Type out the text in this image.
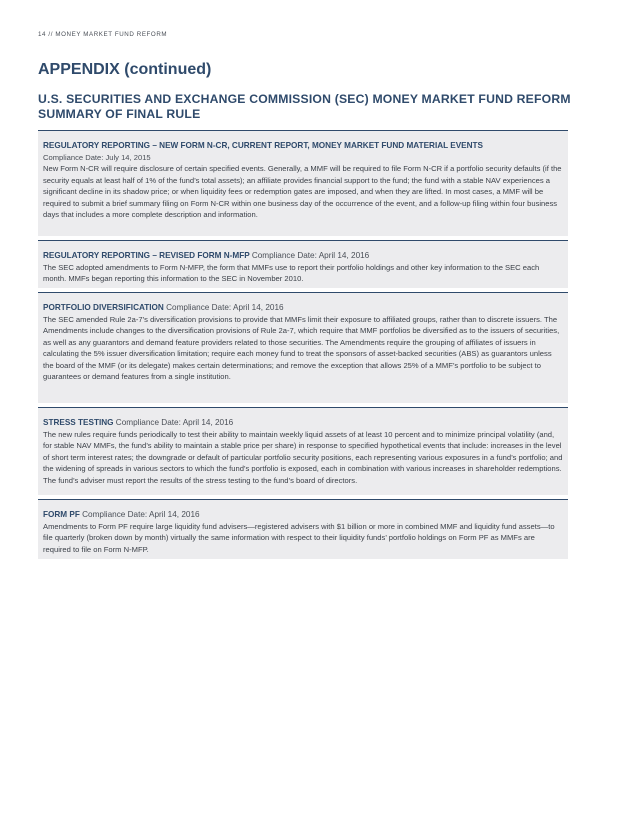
14 // MONEY MARKET FUND REFORM
APPENDIX (continued)
U.S. SECURITIES AND EXCHANGE COMMISSION (SEC) MONEY MARKET FUND REFORM SUMMARY OF FINAL RULE
REGULATORY REPORTING – NEW FORM N-CR, CURRENT REPORT, MONEY MARKET FUND MATERIAL EVENTS
Compliance Date: July 14, 2015
New Form N-CR will require disclosure of certain specified events. Generally, a MMF will be required to file Form N-CR if a portfolio security defaults (if the security equals at least half of 1% of the fund’s total assets); an affiliate provides financial support to the fund; the fund with a stable NAV experiences a significant decline in its shadow price; or when liquidity fees or redemption gates are imposed, and when they are lifted. In most cases, a MMF will be required to submit a brief summary filing on Form N-CR within one business day of the occurrence of the event, and a follow-up filing within four business days that includes a more complete description and information.
REGULATORY REPORTING – REVISED FORM N-MFP Compliance Date: April 14, 2016
The SEC adopted amendments to Form N-MFP, the form that MMFs use to report their portfolio holdings and other key information to the SEC each month. MMFs began reporting this information to the SEC in November 2010.
PORTFOLIO DIVERSIFICATION Compliance Date: April 14, 2016
The SEC amended Rule 2a-7’s diversification provisions to provide that MMFs limit their exposure to affiliated groups, rather than to discrete issuers. The Amendments include changes to the diversification provisions of Rule 2a-7, which require that MMF portfolios be diversified as to the issuers of securities, as well as any guarantors and demand feature providers related to those securities. The Amendments require the grouping of affiliates of issuers in calculating the 5% issuer diversification limitation; require each money fund to treat the sponsors of asset-backed securities (ABS) as guarantors unless the board of the MMF (or its delegate) makes certain determinations; and remove the exception that allows 25% of a MMF’s portfolio to be subject to guarantees or demand features from a single institution.
STRESS TESTING Compliance Date: April 14, 2016
The new rules require funds periodically to test their ability to maintain weekly liquid assets of at least 10 percent and to minimize principal volatility (and, for stable NAV MMFs, the fund’s ability to maintain a stable price per share) in response to specified hypothetical events that include: increases in the level of short term interest rates; the downgrade or default of particular portfolio security positions, each representing various exposures in a fund’s portfolio; and the widening of spreads in various sectors to which the fund’s portfolio is exposed, each in combination with various increases in shareholder redemptions. The fund’s adviser must report the results of the stress testing to the fund’s board of directors.
FORM PF Compliance Date: April 14, 2016
Amendments to Form PF require large liquidity fund advisers—registered advisers with $1 billion or more in combined MMF and liquidity fund assets—to file quarterly (broken down by month) virtually the same information with respect to their liquidity funds’ portfolio holdings on Form PF as MMFs are required to file on Form N-MFP.
